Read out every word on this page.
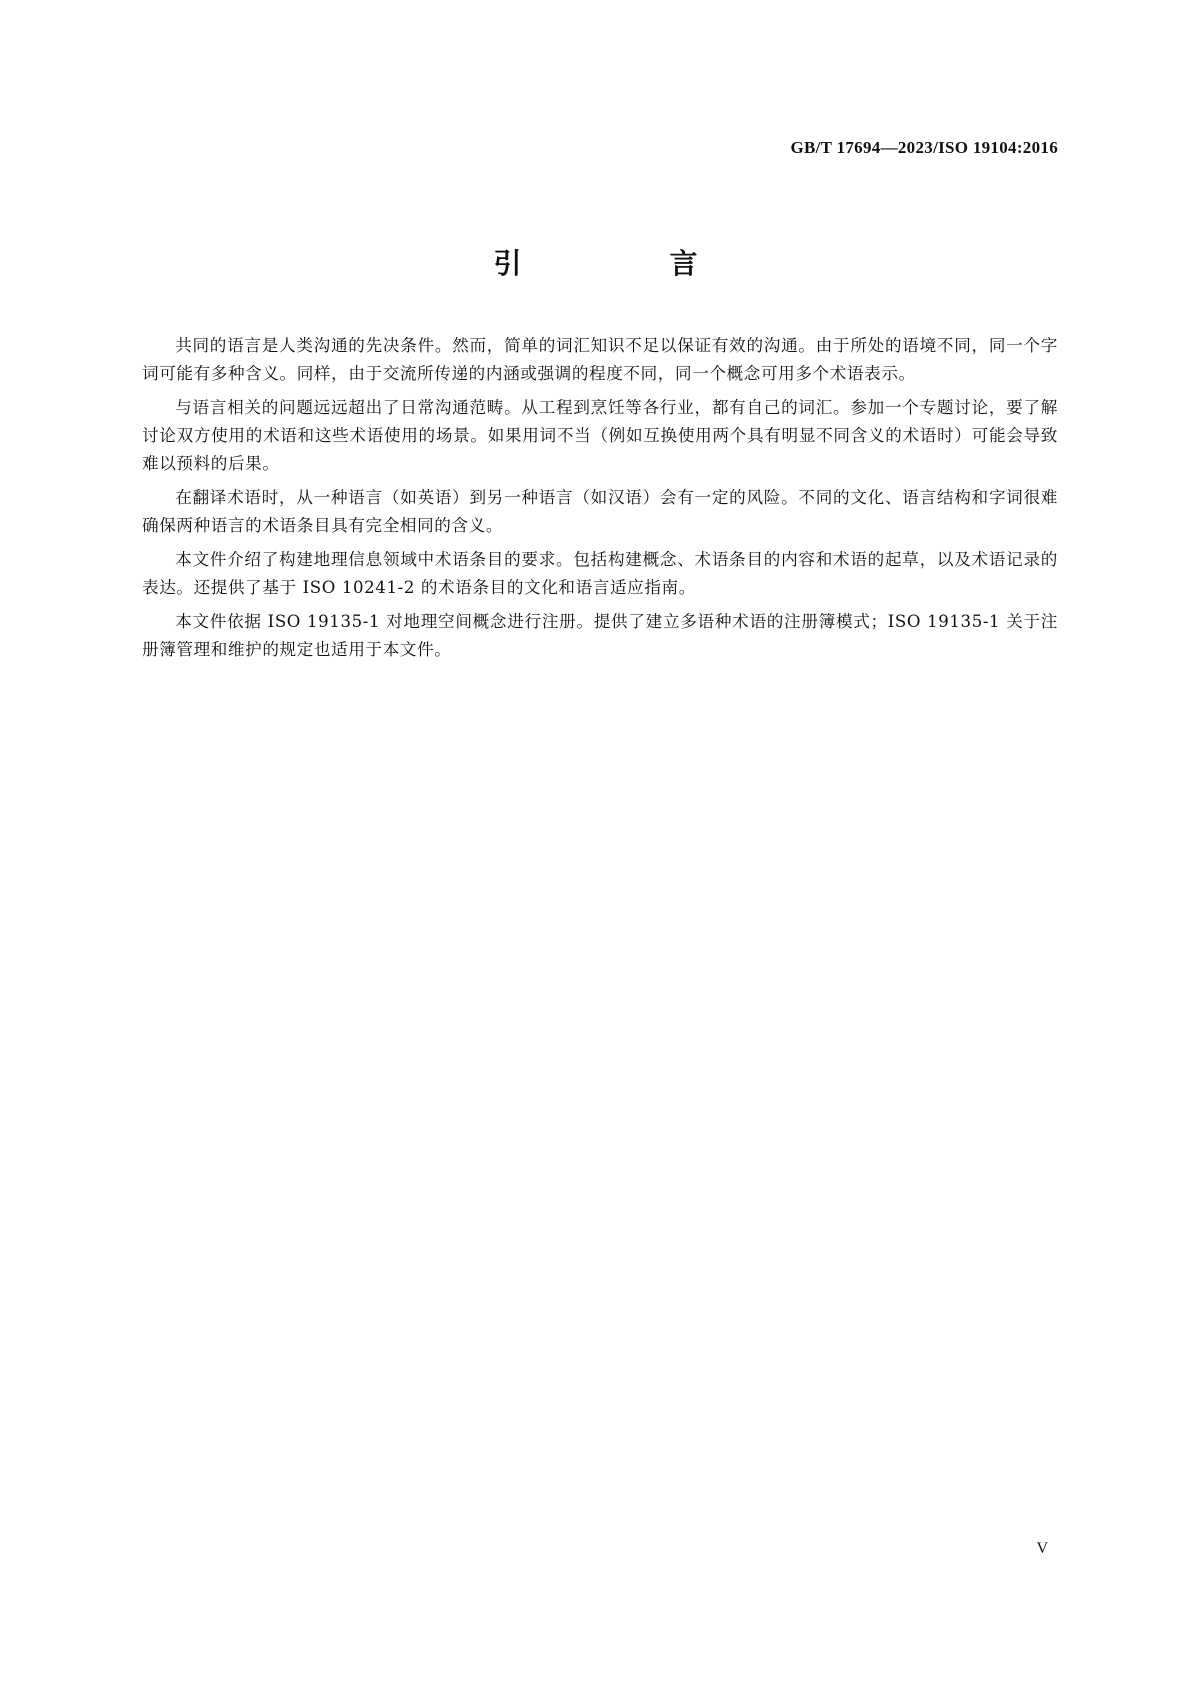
GB/T 17694—2023/ISO 19104:2016
引　言

共同的语言是人类沟通的先决条件。然而，简单的词汇知识不足以保证有效的沟通。由于所处的语境不同，同一个字词可能有多种含义。同样，由于交流所传递的内涵或强调的程度不同，同一个概念可用多个术语表示。

与语言相关的问题远远超出了日常沟通范畴。从工程到烹饪等各行业，都有自己的词汇。参加一个专题讨论，要了解讨论双方使用的术语和这些术语使用的场景。如果用词不当（例如互换使用两个具有明显不同含义的术语时）可能会导致难以预料的后果。

在翻译术语时，从一种语言（如英语）到另一种语言（如汉语）会有一定的风险。不同的文化、语言结构和字词很难确保两种语言的术语条目具有完全相同的含义。

本文件介绍了构建地理信息领域中术语条目的要求。包括构建概念、术语条目的内容和术语的起草，以及术语记录的表达。还提供了基于 ISO 10241-2 的术语条目的文化和语言适应指南。

本文件依据 ISO 19135-1 对地理空间概念进行注册。提供了建立多语种术语的注册簿模式；ISO 19135-1 关于注册簿管理和维护的规定也适用于本文件。

V
